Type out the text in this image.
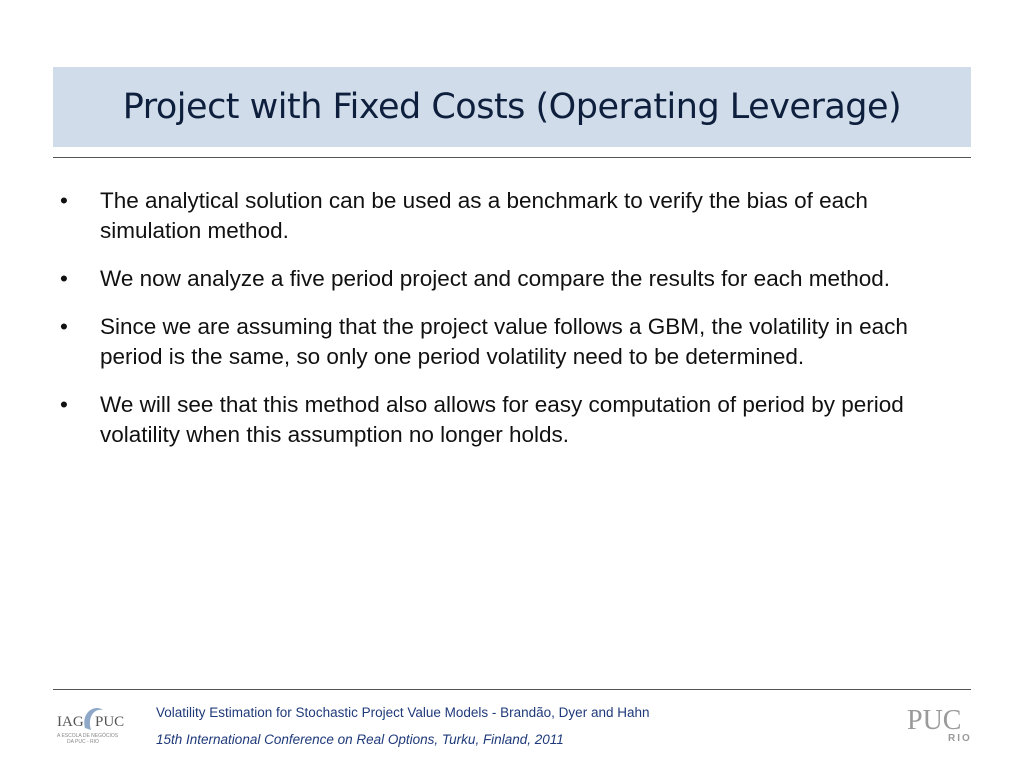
Project with Fixed Costs (Operating Leverage)
•	The analytical solution can be used as a benchmark to verify the bias of each simulation method.
•	We now analyze a five period project and compare the results for each method.
•	Since we are assuming that the project value follows a GBM, the volatility in each period is the same, so only one period volatility need to be determined.
•	We will see that this method also allows for easy computation of period by period volatility when this assumption no longer holds.
IAG PUC
A ESCOLA DE NEGÓCIOS
DA PUC - RIO
Volatility Estimation for Stochastic Project Value Models - Brandão, Dyer and Hahn
15th International Conference on Real Options, Turku, Finland, 2011
PUC
RIO
